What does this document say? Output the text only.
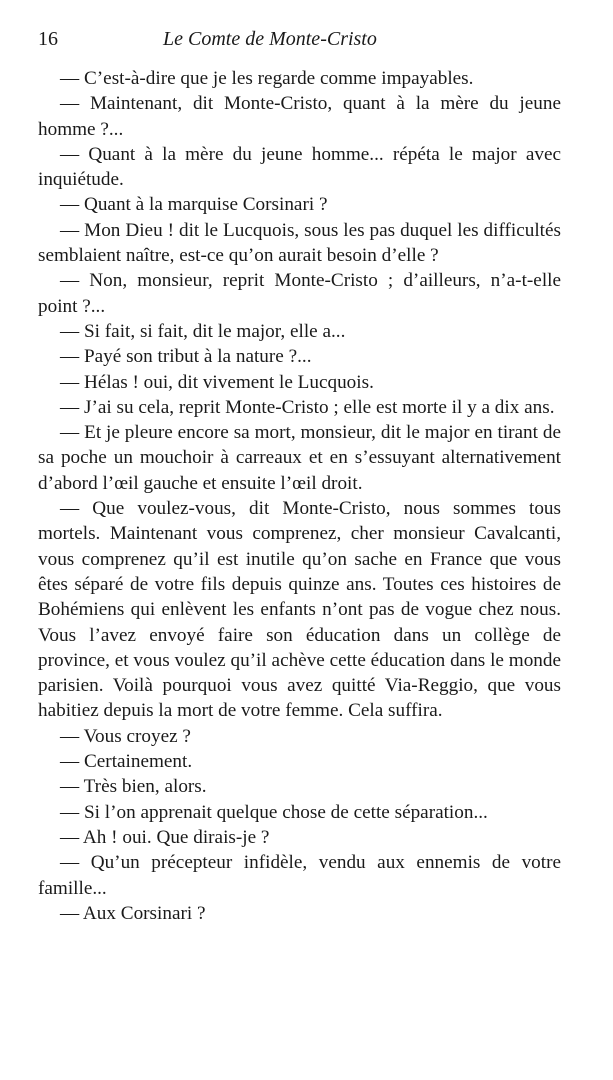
16	Le Comte de Monte-Cristo

— C’est-à-dire que je les regarde comme impayables.

— Maintenant, dit Monte-Cristo, quant à la mère du jeune homme ?...

— Quant à la mère du jeune homme... répéta le major avec inquiétude.

— Quant à la marquise Corsinari ?

— Mon Dieu ! dit le Lucquois, sous les pas duquel les difficultés semblaient naître, est-ce qu’on aurait besoin d’elle ?

— Non, monsieur, reprit Monte-Cristo ; d’ailleurs, n’a-t-elle point ?...

— Si fait, si fait, dit le major, elle a...

— Payé son tribut à la nature ?...

— Hélas ! oui, dit vivement le Lucquois.

— J’ai su cela, reprit Monte-Cristo ; elle est morte il y a dix ans.

— Et je pleure encore sa mort, monsieur, dit le major en tirant de sa poche un mouchoir à carreaux et en s’essuyant alternativement d’abord l’œil gauche et ensuite l’œil droit.

— Que voulez-vous, dit Monte-Cristo, nous sommes tous mortels. Maintenant vous comprenez, cher monsieur Cavalcanti, vous comprenez qu’il est inutile qu’on sache en France que vous êtes séparé de votre fils depuis quinze ans. Toutes ces histoires de Bohémiens qui enlèvent les enfants n’ont pas de vogue chez nous. Vous l’avez envoyé faire son éducation dans un collège de province, et vous voulez qu’il achève cette éducation dans le monde parisien. Voilà pourquoi vous avez quitté Via-Reggio, que vous habitiez depuis la mort de votre femme. Cela suffira.

— Vous croyez ?

— Certainement.

— Très bien, alors.

— Si l’on apprenait quelque chose de cette séparation...

— Ah ! oui. Que dirais-je ?

— Qu’un précepteur infidèle, vendu aux ennemis de votre famille...

— Aux Corsinari ?
